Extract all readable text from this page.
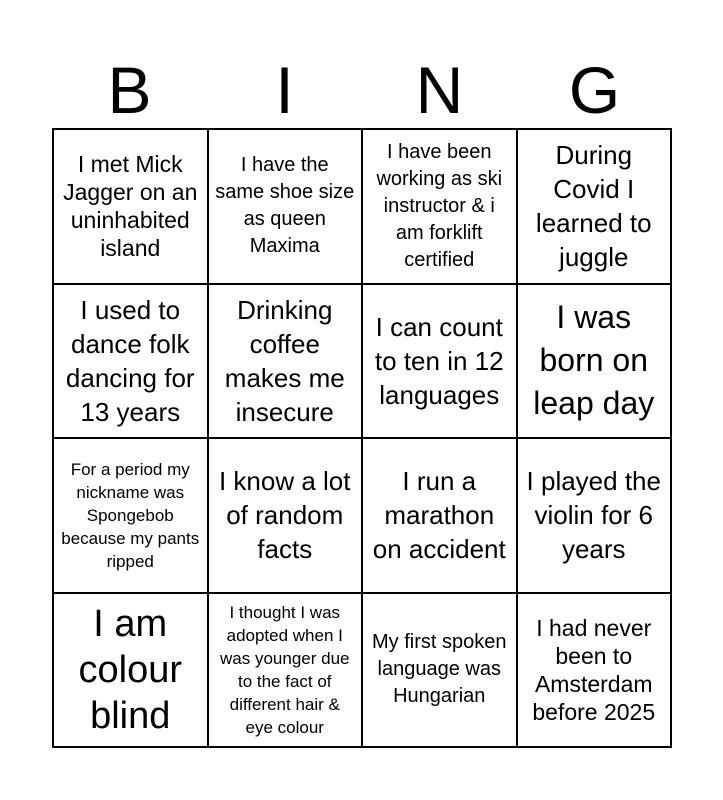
B	I	N	G
I met Mick Jagger on an uninhabited island
I have the same shoe size as queen Maxima
I have been working as ski instructor & i am forklift certified
During Covid I learned to juggle
I used to dance folk dancing for 13 years
Drinking coffee makes me insecure
I can count to ten in 12 languages
I was born on leap day
For a period my nickname was Spongebob because my pants ripped
I know a lot of random facts
I run a marathon on accident
I played the violin for 6 years
I am colour blind
I thought I was adopted when I was younger due to the fact of different hair & eye colour
My first spoken language was Hungarian
I had never been to Amsterdam before 2025
